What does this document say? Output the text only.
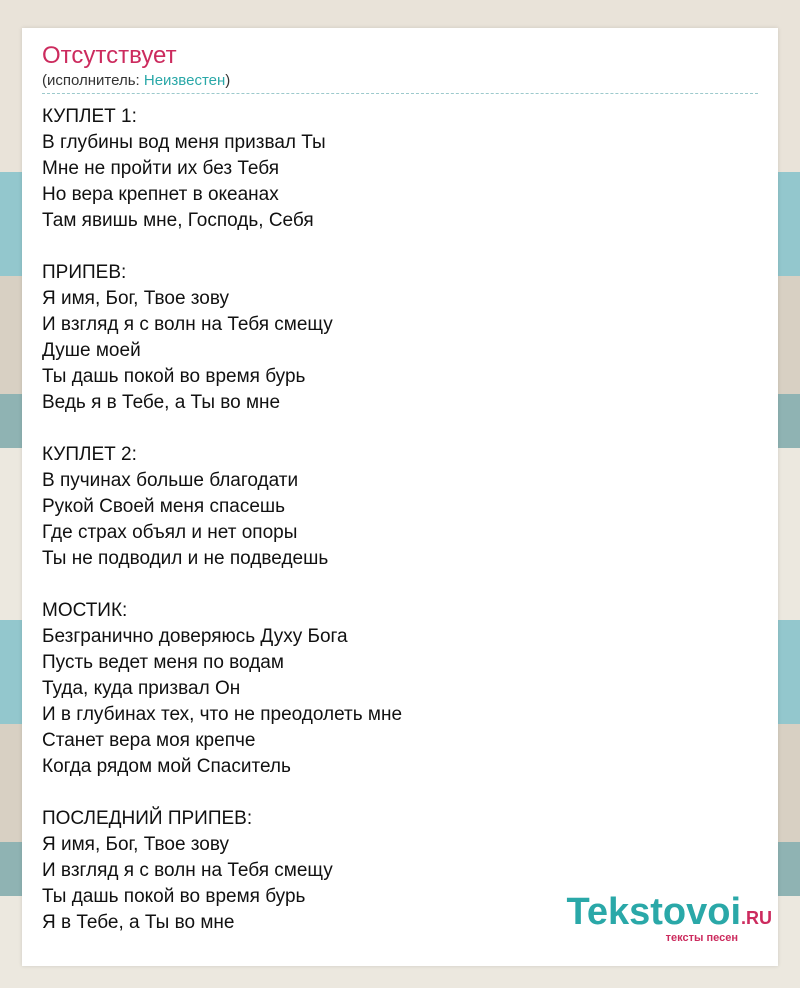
Отсутствует
(исполнитель: Неизвестен)
КУПЛЕТ 1:
В глубины вод меня призвал Ты
Мне не пройти их без Тебя
Но вера крепнет в океанах
Там явишь мне, Господь, Себя
ПРИПЕВ:
Я имя, Бог, Твое зову
И взгляд я с волн на Тебя смещу
Душе моей
Ты дашь покой во время бурь
Ведь я в Тебе, а Ты во мне
КУПЛЕТ 2:
В пучинах больше благодати
Рукой Своей меня спасешь
Где страх объял и нет опоры
Ты не подводил и не подведешь
МОСТИК:
Безгранично доверяюсь Духу Бога
Пусть ведет меня по водам
Туда, куда призвал Он
И в глубинах тех, что не преодолеть мне
Станет вера моя крепче
Когда рядом мой Спаситель
ПОСЛЕДНИЙ ПРИПЕВ:
Я имя, Бог, Твое зову
И взгляд я с волн на Тебя смещу
Ты дашь покой во время бурь
Я в Тебе, а Ты во мне	Tekstovoi.RU
тексты песен
